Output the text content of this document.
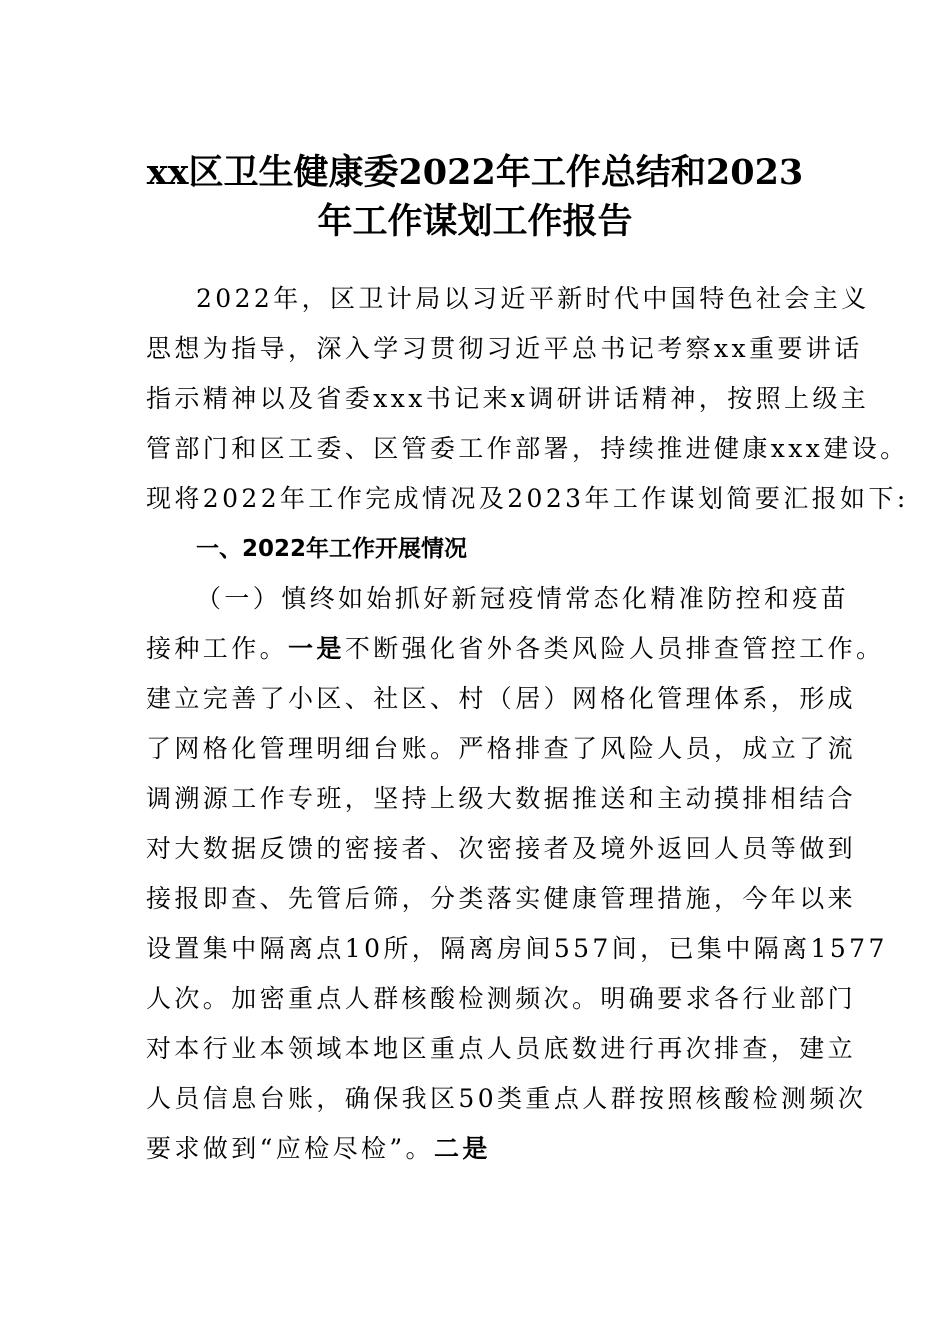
xx区卫生健康委2022年工作总结和2023
年工作谋划工作报告

2022年，区卫计局以习近平新时代中国特色社会主义

思想为指导，深入学习贯彻习近平总书记考察xx重要讲话

指示精神以及省委xxx书记来x调研讲话精神，按照上级主

管部门和区工委、区管委工作部署，持续推进健康xxx建设。

现将2022年工作完成情况及2023年工作谋划简要汇报如下:

一、2022年工作开展情况

（一）慎终如始抓好新冠疫情常态化精准防控和疫苗

接种工作。一是不断强化省外各类风险人员排查管控工作。

建立完善了小区、社区、村（居）网格化管理体系，形成

了网格化管理明细台账。严格排查了风险人员，成立了流

调溯源工作专班，坚持上级大数据推送和主动摸排相结合

对大数据反馈的密接者、次密接者及境外返回人员等做到

接报即查、先管后筛，分类落实健康管理措施，今年以来

设置集中隔离点10所，隔离房间557间，已集中隔离1577

人次。加密重点人群核酸检测频次。明确要求各行业部门

对本行业本领域本地区重点人员底数进行再次排查，建立

人员信息台账，确保我区50类重点人群按照核酸检测频次

要求做到“应检尽检”。二是
